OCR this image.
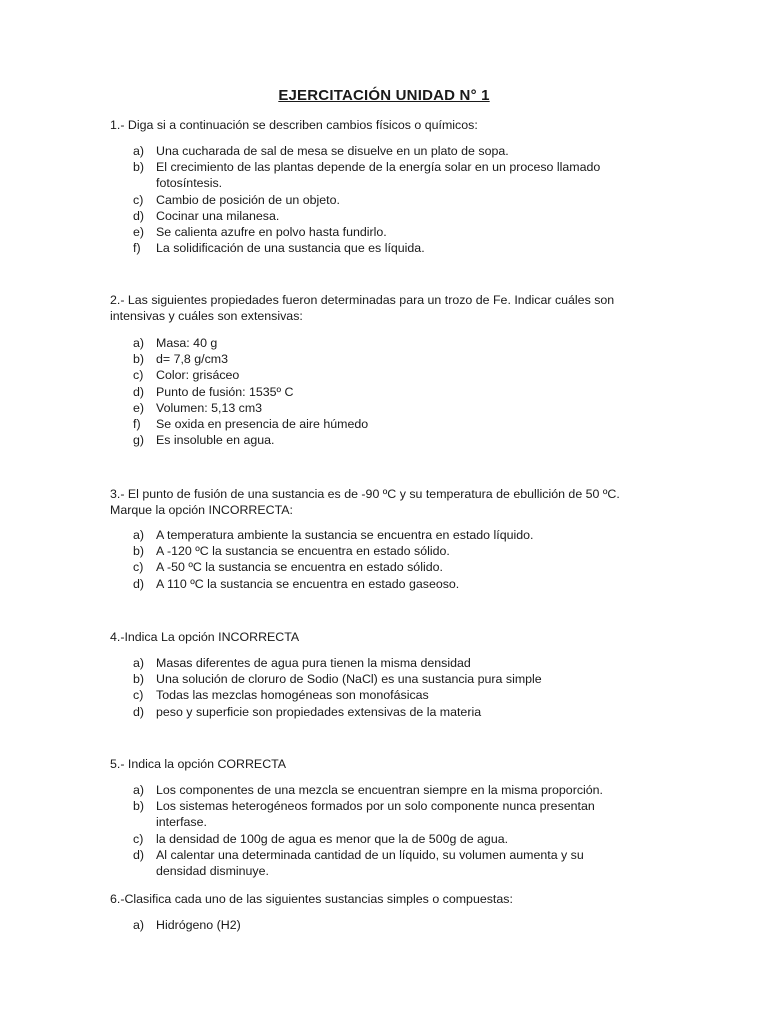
EJERCITACIÓN UNIDAD N° 1
1.- Diga si a continuación se describen cambios físicos o químicos:
a) Una cucharada de sal de mesa se disuelve en un plato de sopa.
b) El crecimiento de las plantas depende de la energía solar en un proceso llamado fotosíntesis.
c) Cambio de posición de un objeto.
d) Cocinar una milanesa.
e) Se calienta azufre en polvo hasta fundirlo.
f) La solidificación de una sustancia que es líquida.
2.- Las siguientes propiedades fueron determinadas para un trozo de Fe. Indicar cuáles son intensivas y cuáles son extensivas:
a) Masa: 40 g
b) d= 7,8 g/cm3
c) Color: grisáceo
d) Punto de fusión: 1535º C
e) Volumen: 5,13 cm3
f) Se oxida en presencia de aire húmedo
g) Es insoluble en agua.
3.- El punto de fusión de una sustancia es de -90 ºC y su temperatura de ebullición de 50 ºC. Marque la opción INCORRECTA:
a) A temperatura ambiente la sustancia se encuentra en estado líquido.
b) A -120 ºC la sustancia se encuentra en estado sólido.
c) A -50 ºC la sustancia se encuentra en estado sólido.
d) A 110 ºC la sustancia se encuentra en estado gaseoso.
4.-Indica La opción INCORRECTA
a) Masas diferentes de agua pura tienen la misma densidad
b) Una solución de cloruro de Sodio (NaCl) es una sustancia pura simple
c) Todas las mezclas homogéneas son monofásicas
d) peso y superficie son propiedades extensivas de la materia
5.- Indica la opción CORRECTA
a) Los componentes de una mezcla se encuentran siempre en la misma proporción.
b) Los sistemas heterogéneos formados por un solo componente nunca presentan interfase.
c) la densidad de 100g de agua es menor que la de 500g de agua.
d) Al calentar una determinada cantidad de un líquido, su volumen aumenta y su densidad disminuye.
6.-Clasifica cada uno de las siguientes sustancias simples o compuestas:
a) Hidrógeno (H2)
